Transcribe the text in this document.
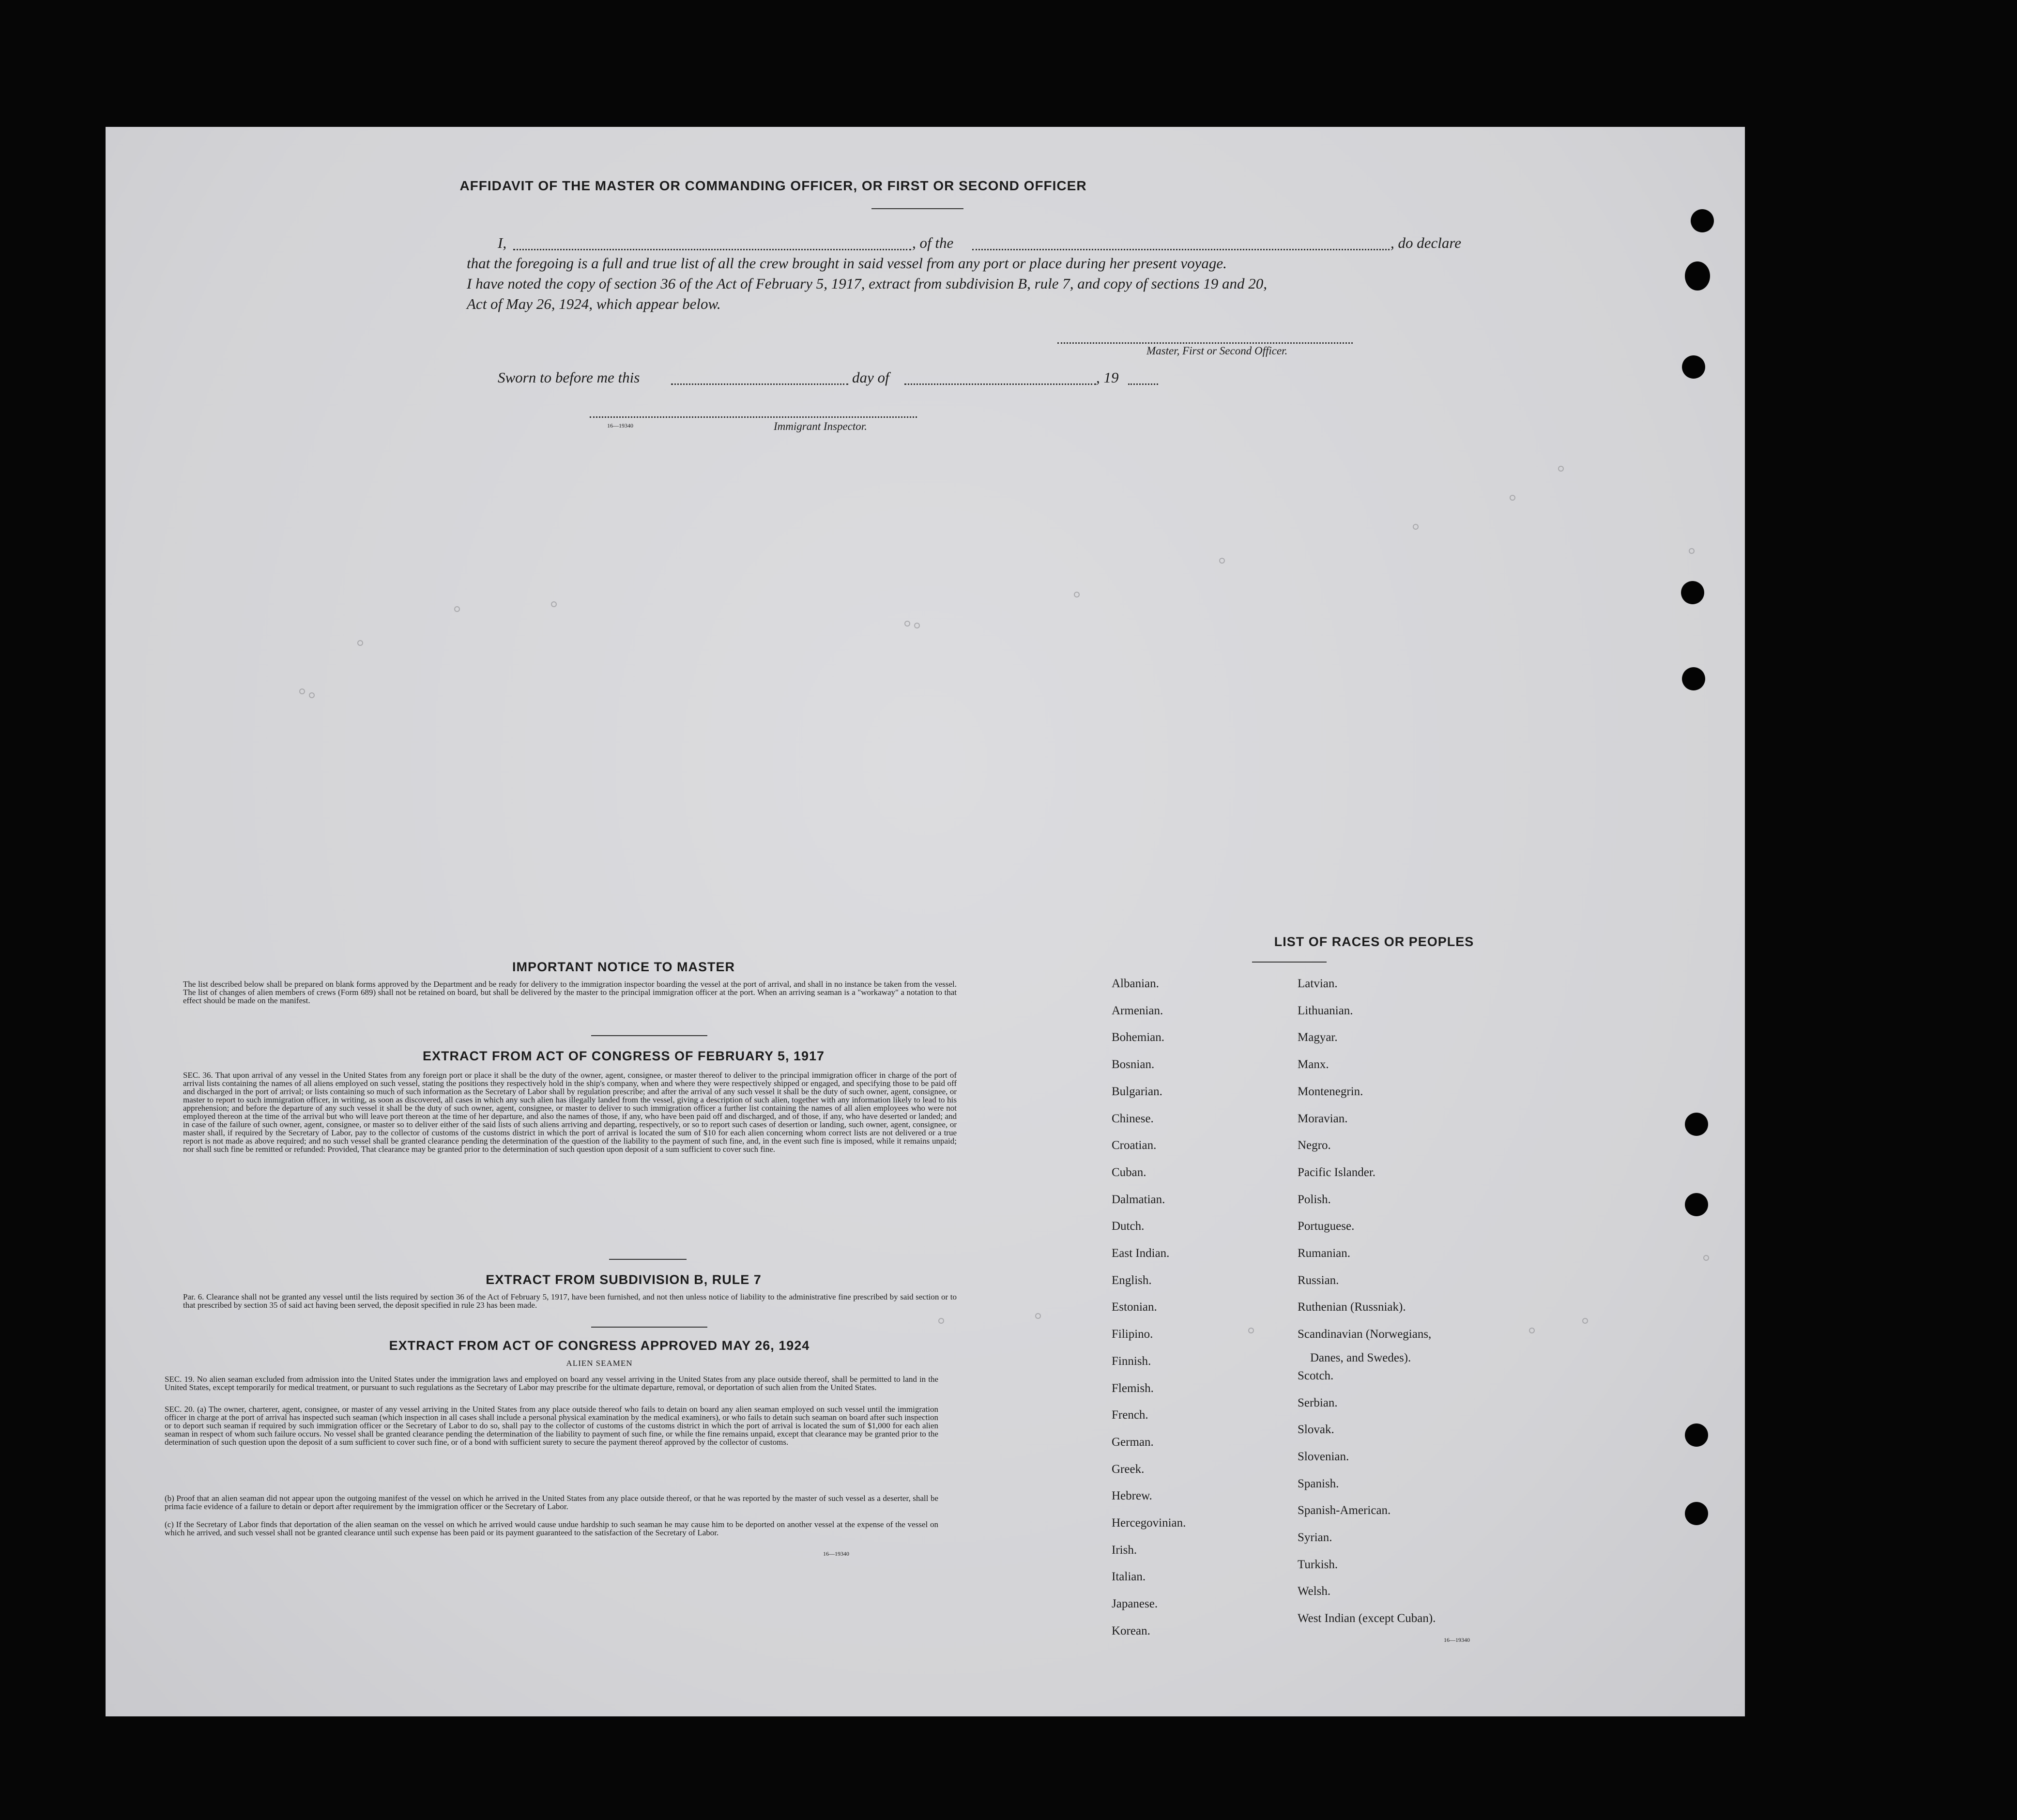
AFFIDAVIT OF THE MASTER OR COMMANDING OFFICER, OR FIRST OR SECOND OFFICER
I,	, of the	, do declare
that the foregoing is a full and true list of all the crew brought in said vessel from any port or place during her present voyage.
I have noted the copy of section 36 of the Act of February 5, 1917, extract from subdivision B, rule 7, and copy of sections 19 and 20,
Act of May 26, 1924, which appear below.
Master, First or Second Officer.
Sworn to before me this	day of	, 19
16—19340	Immigrant Inspector.
IMPORTANT NOTICE TO MASTER
The list described below shall be prepared on blank forms approved by the Department and be ready for delivery to the immigration inspector boarding the vessel at the port of arrival, and shall in no instance be taken from the vessel. The list of changes of alien members of crews (Form 689) shall not be retained on board, but shall be delivered by the master to the principal immigration officer at the port. When an arriving seaman is a "workaway" a notation to that effect should be made on the manifest.
EXTRACT FROM ACT OF CONGRESS OF FEBRUARY 5, 1917
SEC. 36. That upon arrival of any vessel in the United States from any foreign port or place it shall be the duty of the owner, agent, consignee, or master thereof to deliver to the principal immigration officer in charge of the port of arrival lists containing the names of all aliens employed on such vessel, stating the positions they respectively hold in the ship's company, when and where they were respectively shipped or engaged, and specifying those to be paid off and discharged in the port of arrival; or lists containing so much of such information as the Secretary of Labor shall by regulation prescribe; and after the arrival of any such vessel it shall be the duty of such owner, agent, consignee, or master to report to such immigration officer, in writing, as soon as discovered, all cases in which any such alien has illegally landed from the vessel, giving a description of such alien, together with any information likely to lead to his apprehension; and before the departure of any such vessel it shall be the duty of such owner, agent, consignee, or master to deliver to such immigration officer a further list containing the names of all alien employees who were not employed thereon at the time of the arrival but who will leave port thereon at the time of her departure, and also the names of those, if any, who have been paid off and discharged, and of those, if any, who have deserted or landed; and in case of the failure of such owner, agent, consignee, or master so to deliver either of the said lists of such aliens arriving and departing, respectively, or so to report such cases of desertion or landing, such owner, agent, consignee, or master shall, if required by the Secretary of Labor, pay to the collector of customs of the customs district in which the port of arrival is located the sum of $10 for each alien concerning whom correct lists are not delivered or a true report is not made as above required; and no such vessel shall be granted clearance pending the determination of the question of the liability to the payment of such fine, and, in the event such fine is imposed, while it remains unpaid; nor shall such fine be remitted or refunded: Provided, That clearance may be granted prior to the determination of such question upon deposit of a sum sufficient to cover such fine.
EXTRACT FROM SUBDIVISION B, RULE 7
Par. 6. Clearance shall not be granted any vessel until the lists required by section 36 of the Act of February 5, 1917, have been furnished, and not then unless notice of liability to the administrative fine prescribed by said section or to that prescribed by section 35 of said act having been served, the deposit specified in rule 23 has been made.
EXTRACT FROM ACT OF CONGRESS APPROVED MAY 26, 1924
ALIEN SEAMEN
SEC. 19. No alien seaman excluded from admission into the United States under the immigration laws and employed on board any vessel arriving in the United States from any place outside thereof, shall be permitted to land in the United States, except temporarily for medical treatment, or pursuant to such regulations as the Secretary of Labor may prescribe for the ultimate departure, removal, or deportation of such alien from the United States.
SEC. 20. (a) The owner, charterer, agent, consignee, or master of any vessel arriving in the United States from any place outside thereof who fails to detain on board any alien seaman employed on such vessel until the immigration officer in charge at the port of arrival has inspected such seaman (which inspection in all cases shall include a personal physical examination by the medical examiners), or who fails to detain such seaman on board after such inspection or to deport such seaman if required by such immigration officer or the Secretary of Labor to do so, shall pay to the collector of customs of the customs district in which the port of arrival is located the sum of $1,000 for each alien seaman in respect of whom such failure occurs. No vessel shall be granted clearance pending the determination of the liability to payment of such fine, or while the fine remains unpaid, except that clearance may be granted prior to the determination of such question upon the deposit of a sum sufficient to cover such fine, or of a bond with sufficient surety to secure the payment thereof approved by the collector of customs.
(b) Proof that an alien seaman did not appear upon the outgoing manifest of the vessel on which he arrived in the United States from any place outside thereof, or that he was reported by the master of such vessel as a deserter, shall be prima facie evidence of a failure to detain or deport after requirement by the immigration officer or the Secretary of Labor.
(c) If the Secretary of Labor finds that deportation of the alien seaman on the vessel on which he arrived would cause undue hardship to such seaman he may cause him to be deported on another vessel at the expense of the vessel on which he arrived, and such vessel shall not be granted clearance until such expense has been paid or its payment guaranteed to the satisfaction of the Secretary of Labor.
16—19340
LIST OF RACES OR PEOPLES
Albanian.
Armenian.
Bohemian.
Bosnian.
Bulgarian.
Chinese.
Croatian.
Cuban.
Dalmatian.
Dutch.
East Indian.
English.
Estonian.
Filipino.
Finnish.
Flemish.
French.
German.
Greek.
Hebrew.
Hercegovinian.
Irish.
Italian.
Japanese.
Korean.
Latvian.
Lithuanian.
Magyar.
Manx.
Montenegrin.
Moravian.
Negro.
Pacific Islander.
Polish.
Portuguese.
Rumanian.
Russian.
Ruthenian (Russniak).
Scandinavian (Norwegians,
Scotch.
Serbian.
Slovak.
Slovenian.
Spanish.
Spanish-American.
Syrian.
Turkish.
Welsh.
West Indian (except Cuban).
Danes, and Swedes).
16—19340
